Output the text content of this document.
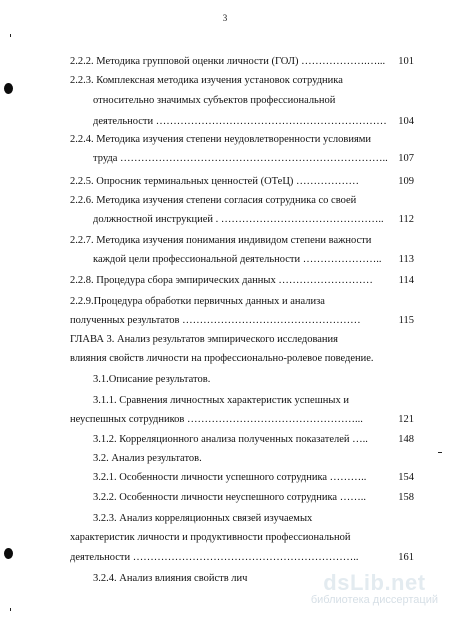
3
2.2.2. Методика групповой оценки личности (ГОЛ) ……………….…...
2.2.3. Комплексная методика изучения установок сотрудника
относительно значимых субъектов профессиональной
деятельности …………………………………………………………
2.2.4. Методика изучения степени неудовлетворенности условиями
труда …………………………………………………………………..
2.2.5. Опросник терминальных ценностей (ОТеЦ) ………………
2.2.6. Методика изучения степени согласия сотрудника со своей
должностной инструкцией . ………………………………………..
2.2.7. Методика изучения понимания индивидом степени важности
каждой цели профессиональной деятельности …………………..
2.2.8. Процедура сбора эмпирических данных ………………………
2.2.9.Процедура обработки первичных данных и анализа
полученных результатов ……………………………………………
ГЛАВА 3. Анализ результатов эмпирического исследования
влияния свойств личности на профессионально-ролевое поведение.
3.1.Описание результатов.
3.1.1. Сравнения личностных характеристик успешных и
неуспешных сотрудников …………………………………………...
3.1.2. Корреляционного анализа полученных показателей …..
3.2. Анализ результатов.
3.2.1. Особенности личности успешного сотрудника ………..
3.2.2. Особенности личности неуспешного сотрудника ……..
3.2.3. Анализ корреляционных связей изучаемых
характеристик личности и продуктивности профессиональной
деятельности ………………………………………………………..
3.2.4. Анализ влияния свойств лич
101
104
107
109
112
113
114
115
121
148
154
158
161
dsLib.net
библиотека диссертаций
